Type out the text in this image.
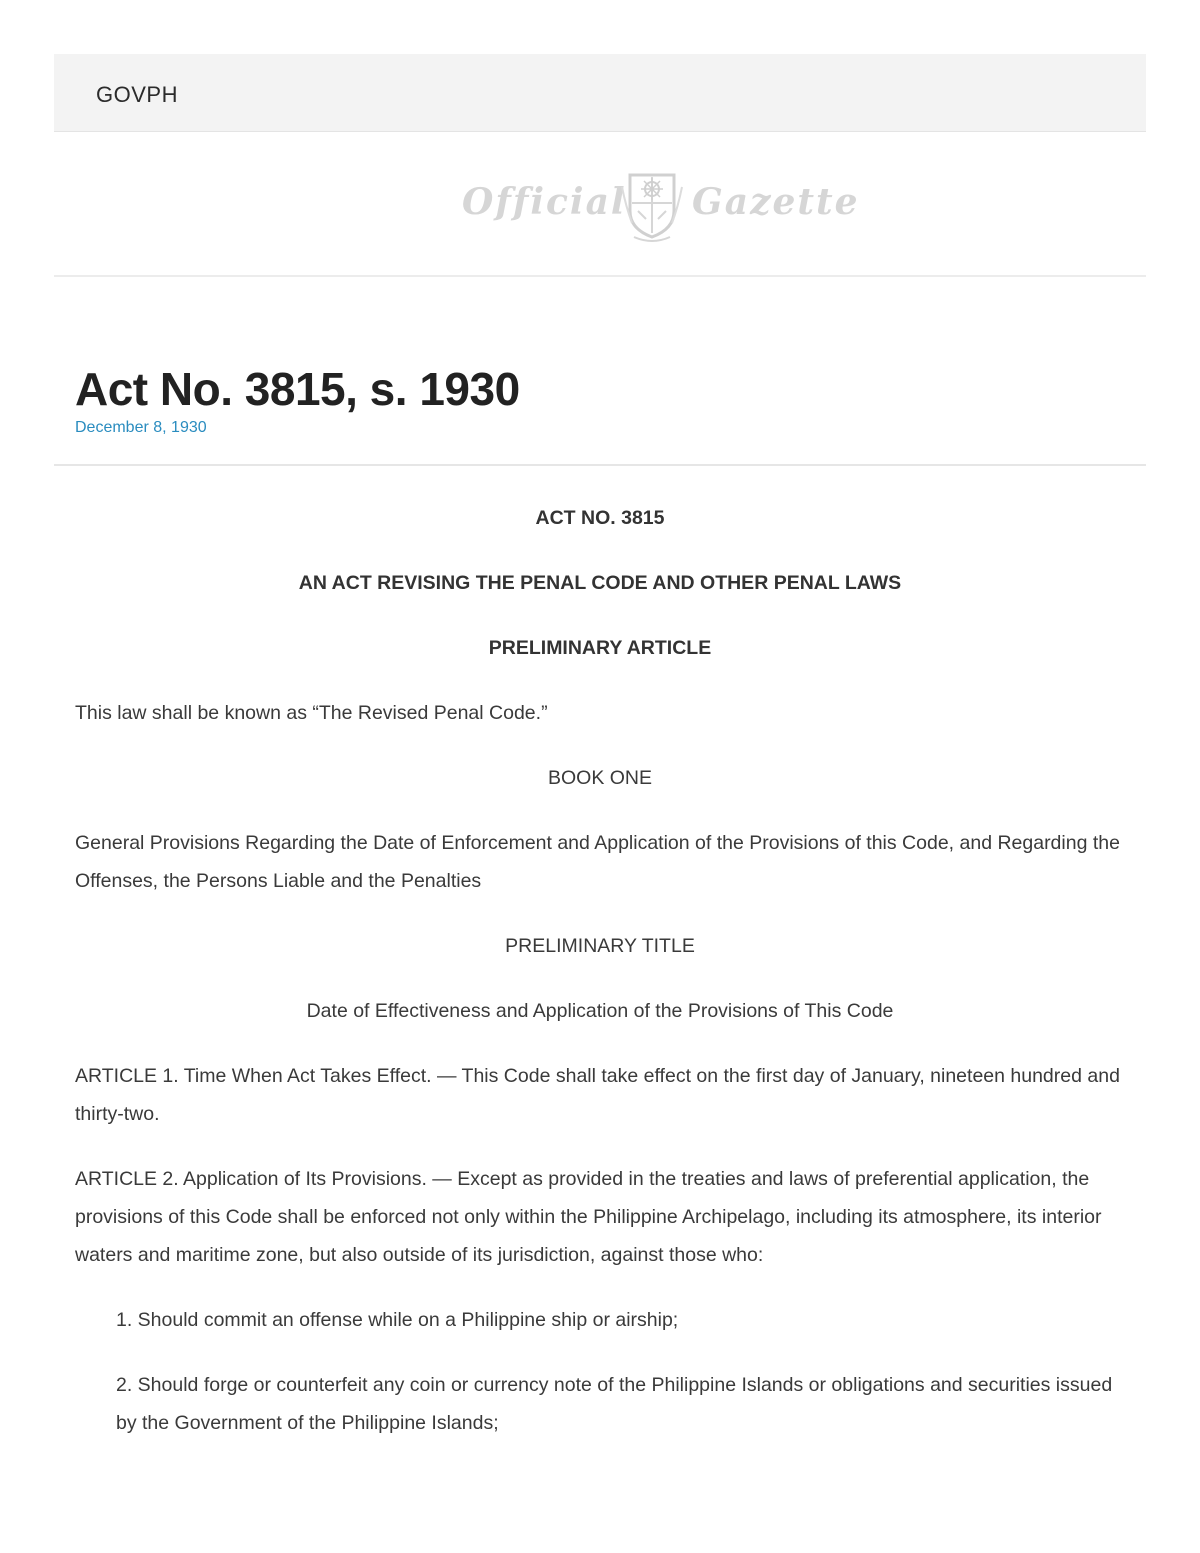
GOVPH
Official Gazette
Act No. 3815, s. 1930
December 8, 1930

ACT NO. 3815

AN ACT REVISING THE PENAL CODE AND OTHER PENAL LAWS

PRELIMINARY ARTICLE

This law shall be known as “The Revised Penal Code.”

BOOK ONE

General Provisions Regarding the Date of Enforcement and Application of the Provisions of this Code, and Regarding the Offenses, the Persons Liable and the Penalties

PRELIMINARY TITLE

Date of Effectiveness and Application of the Provisions of This Code

ARTICLE 1. Time When Act Takes Effect. — This Code shall take effect on the first day of January, nineteen hundred and thirty-two.

ARTICLE 2. Application of Its Provisions. — Except as provided in the treaties and laws of preferential application, the provisions of this Code shall be enforced not only within the Philippine Archipelago, including its atmosphere, its interior waters and maritime zone, but also outside of its jurisdiction, against those who:

1. Should commit an offense while on a Philippine ship or airship;

2. Should forge or counterfeit any coin or currency note of the Philippine Islands or obligations and securities issued by the Government of the Philippine Islands;
